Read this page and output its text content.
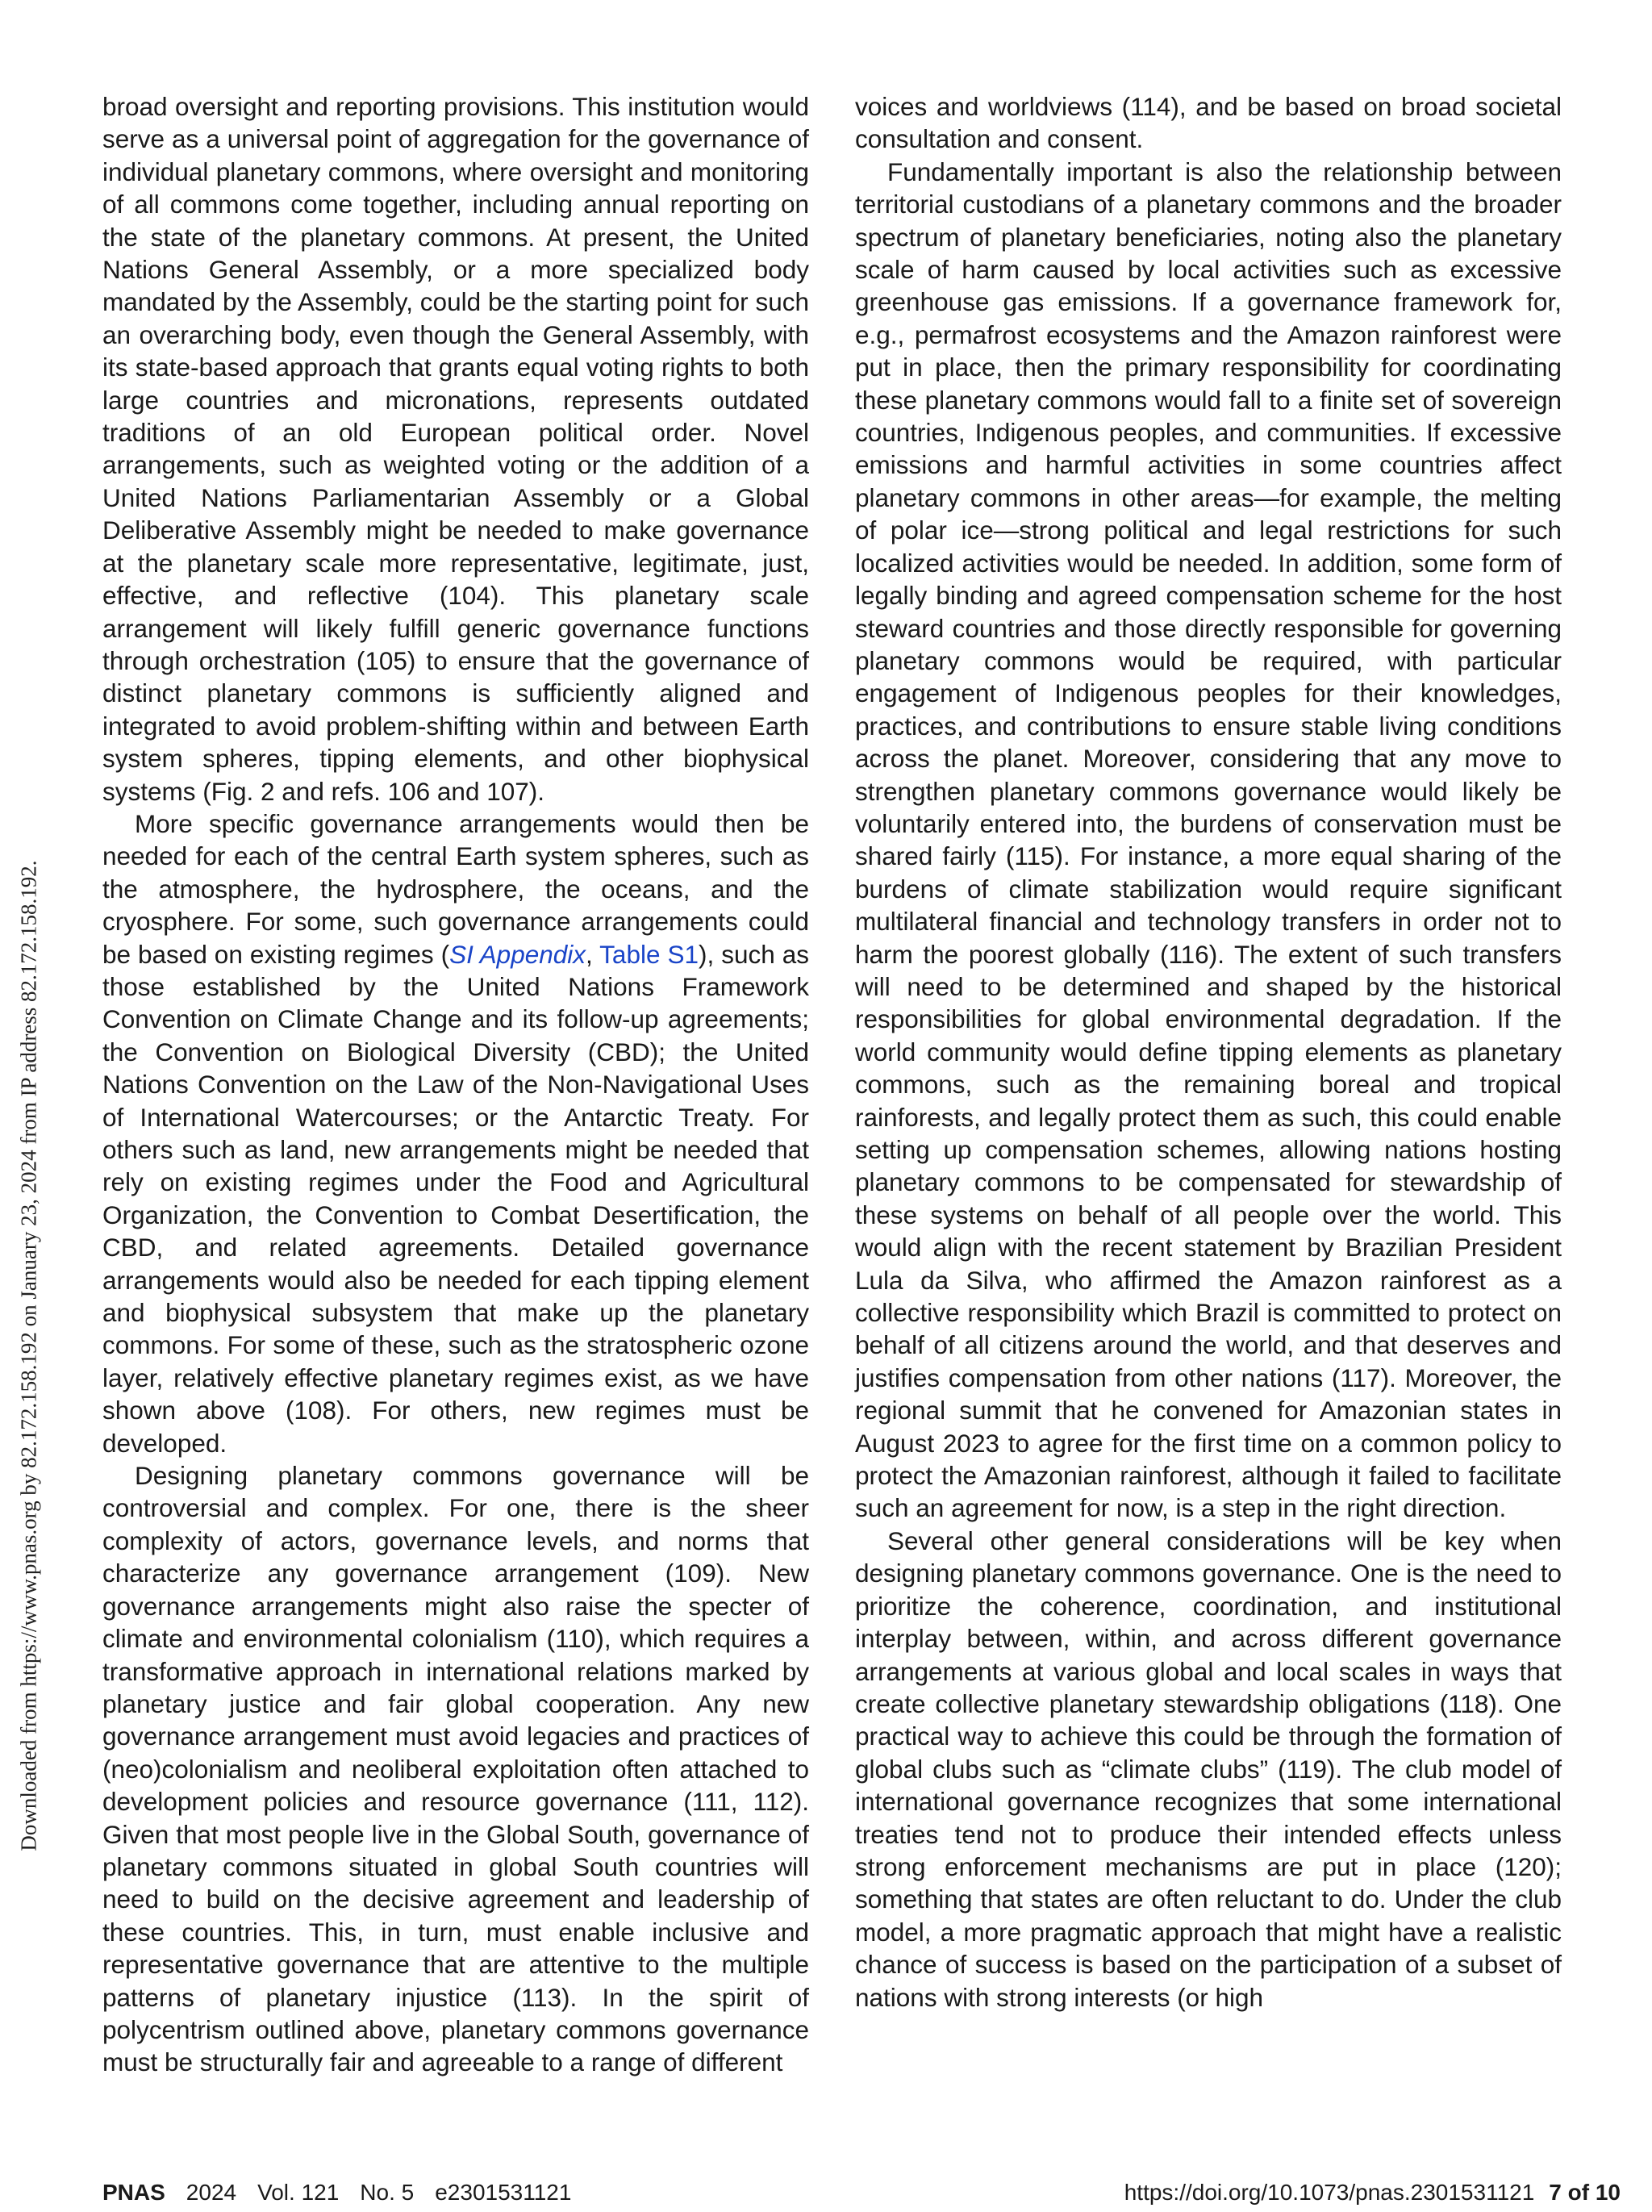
Downloaded from https://www.pnas.org by 82.172.158.192 on January 23, 2024 from IP address 82.172.158.192.

broad oversight and reporting provisions. This institution would serve as a universal point of aggregation for the governance of individual planetary commons, where oversight and monitoring of all commons come together, including annual reporting on the state of the planetary commons. At present, the United Nations General Assembly, or a more specialized body mandated by the Assembly, could be the starting point for such an overarching body, even though the General Assembly, with its state-based approach that grants equal voting rights to both large countries and micronations, represents outdated traditions of an old European political order. Novel arrangements, such as weighted voting or the addition of a United Nations Parliamentarian Assembly or a Global Deliberative Assembly might be needed to make governance at the planetary scale more representative, legitimate, just, effective, and reflective (104). This planetary scale arrangement will likely fulfill generic governance functions through orchestration (105) to ensure that the governance of distinct planetary commons is sufficiently aligned and integrated to avoid problem-shifting within and between Earth system spheres, tipping elements, and other biophysical systems (Fig. 2 and refs. 106 and 107).

More specific governance arrangements would then be needed for each of the central Earth system spheres, such as the atmosphere, the hydrosphere, the oceans, and the cryosphere. For some, such governance arrangements could be based on existing regimes (SI Appendix, Table S1), such as those established by the United Nations Framework Convention on Climate Change and its follow-up agreements; the Convention on Biological Diversity (CBD); the United Nations Convention on the Law of the Non-Navigational Uses of International Watercourses; or the Antarctic Treaty. For others such as land, new arrangements might be needed that rely on existing regimes under the Food and Agricultural Organization, the Convention to Combat Desertification, the CBD, and related agreements. Detailed governance arrangements would also be needed for each tipping element and biophysical subsystem that make up the planetary commons. For some of these, such as the stratospheric ozone layer, relatively effective planetary regimes exist, as we have shown above (108). For others, new regimes must be developed.

Designing planetary commons governance will be controversial and complex. For one, there is the sheer complexity of actors, governance levels, and norms that characterize any governance arrangement (109). New governance arrangements might also raise the specter of climate and environmental colonialism (110), which requires a transformative approach in international relations marked by planetary justice and fair global cooperation. Any new governance arrangement must avoid legacies and practices of (neo)colonialism and neoliberal exploitation often attached to development policies and resource governance (111, 112). Given that most people live in the Global South, governance of planetary commons situated in global South countries will need to build on the decisive agreement and leadership of these countries. This, in turn, must enable inclusive and representative governance that are attentive to the multiple patterns of planetary injustice (113). In the spirit of polycentrism outlined above, planetary commons governance must be structurally fair and agreeable to a range of different

voices and worldviews (114), and be based on broad societal consultation and consent.

Fundamentally important is also the relationship between territorial custodians of a planetary commons and the broader spectrum of planetary beneficiaries, noting also the planetary scale of harm caused by local activities such as excessive greenhouse gas emissions. If a governance framework for, e.g., permafrost ecosystems and the Amazon rainforest were put in place, then the primary responsibility for coordinating these planetary commons would fall to a finite set of sovereign countries, Indigenous peoples, and communities. If excessive emissions and harmful activities in some countries affect planetary commons in other areas—for example, the melting of polar ice—strong political and legal restrictions for such localized activities would be needed. In addition, some form of legally binding and agreed compensation scheme for the host steward countries and those directly responsible for governing planetary commons would be required, with particular engagement of Indigenous peoples for their knowledges, practices, and contributions to ensure stable living conditions across the planet. Moreover, considering that any move to strengthen planetary commons governance would likely be voluntarily entered into, the burdens of conservation must be shared fairly (115). For instance, a more equal sharing of the burdens of climate stabilization would require significant multilateral financial and technology transfers in order not to harm the poorest globally (116). The extent of such transfers will need to be determined and shaped by the historical responsibilities for global environmental degradation. If the world community would define tipping elements as planetary commons, such as the remaining boreal and tropical rainforests, and legally protect them as such, this could enable setting up compensation schemes, allowing nations hosting planetary commons to be compensated for stewardship of these systems on behalf of all people over the world. This would align with the recent statement by Brazilian President Lula da Silva, who affirmed the Amazon rainforest as a collective responsibility which Brazil is committed to protect on behalf of all citizens around the world, and that deserves and justifies compensation from other nations (117). Moreover, the regional summit that he convened for Amazonian states in August 2023 to agree for the first time on a common policy to protect the Amazonian rainforest, although it failed to facilitate such an agreement for now, is a step in the right direction.

Several other general considerations will be key when designing planetary commons governance. One is the need to prioritize the coherence, coordination, and institutional interplay between, within, and across different governance arrangements at various global and local scales in ways that create collective planetary stewardship obligations (118). One practical way to achieve this could be through the formation of global clubs such as “climate clubs” (119). The club model of international governance recognizes that some international treaties tend not to produce their intended effects unless strong enforcement mechanisms are put in place (120); something that states are often reluctant to do. Under the club model, a more pragmatic approach that might have a realistic chance of success is based on the participation of a subset of nations with strong interests (or high

PNAS 2024 Vol. 121 No. 5 e2301531121	https://doi.org/10.1073/pnas.2301531121 7 of 10
